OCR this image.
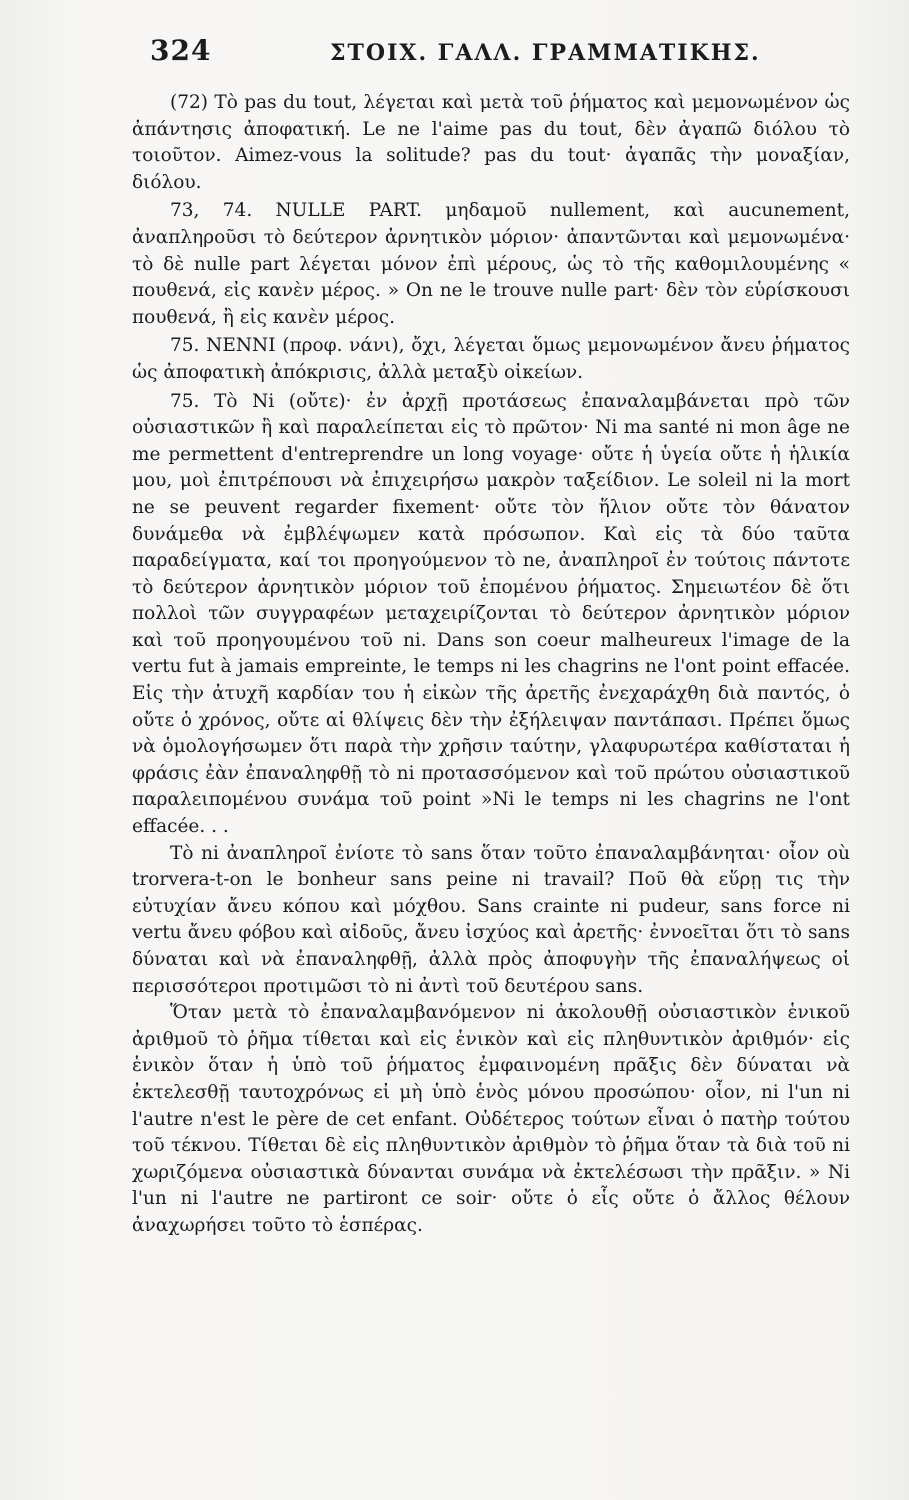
324	ΣΤΟΙΧ. ΓΑΛΛ. ΓΡΑΜΜΑΤΙΚΗΣ.

(72) Τὸ pas du tout, λέγεται καὶ μετὰ τοῦ ῥήματος καὶ μεμονωμένον ὡς ἀπάντησις ἀποφατική. Le ne l'aime pas du tout, δὲν ἀγαπῶ διόλου τὸ τοιοῦτον. Aimez-vous la solitude? pas du tout· ἀγαπᾶς τὴν μοναξίαν, διόλου.

73, 74. NULLE PART. μηδαμοῦ nullement, καὶ aucunement, ἀναπληροῦσι τὸ δεύτερον ἀρνητικὸν μόριον· ἀπαντῶνται καὶ μεμονωμένα· τὸ δὲ nulle part λέγεται μόνον ἐπὶ μέρους, ὡς τὸ τῆς καθομιλουμένης « πουθενά, εἰς κανὲν μέρος. » On ne le trouve nulle part· δὲν τὸν εὑρίσκουσι πουθενά, ἢ εἰς κανὲν μέρος.

75. NENNI (προφ. νάνι), ὄχι, λέγεται ὅμως μεμονωμένον ἄνευ ῥήματος ὡς ἀποφατικὴ ἀπόκρισις, ἀλλὰ μεταξὺ οἰκείων.

75. Τὸ Ni (οὔτε)· ἐν ἀρχῇ προτάσεως ἐπαναλαμβάνεται πρὸ τῶν οὐσιαστικῶν ἢ καὶ παραλείπεται εἰς τὸ πρῶτον· Ni ma santé ni mon âge ne me permettent d'entreprendre un long voyage· οὔτε ἡ ὑγεία οὔτε ἡ ἡλικία μου, μοὶ ἐπιτρέπουσι νὰ ἐπιχειρήσω μακρὸν ταξείδιον. Le soleil ni la mort ne se peuvent regarder fixement· οὔτε τὸν ἥλιον οὔτε τὸν θάνατον δυνάμεθα νὰ ἐμβλέψωμεν κατὰ πρόσωπον. Καὶ εἰς τὰ δύο ταῦτα παραδείγματα, καί τοι προηγούμενον τὸ ne, ἀναπληροῖ ἐν τούτοις πάντοτε τὸ δεύτερον ἀρνητικὸν μόριον τοῦ ἑπομένου ῥήματος. Σημειωτέον δὲ ὅτι πολλοὶ τῶν συγγραφέων μεταχειρίζονται τὸ δεύτερον ἀρνητικὸν μόριον καὶ τοῦ προηγουμένου τοῦ ni. Dans son coeur malheureux l'image de la vertu fut à jamais empreinte, le temps ni les chagrins ne l'ont point effacée. Εἰς τὴν ἀτυχῆ καρδίαν του ἡ εἰκὼν τῆς ἀρετῆς ἐνεχαράχθη διὰ παντός, ὁ οὔτε ὁ χρόνος, οὔτε αἱ θλίψεις δὲν τὴν ἐξήλειψαν παντάπασι. Πρέπει ὅμως νὰ ὁμολογήσωμεν ὅτι παρὰ τὴν χρῆσιν ταύτην, γλαφυρωτέρα καθίσταται ἡ φράσις ἐὰν ἐπαναληφθῇ τὸ ni προτασσόμενον καὶ τοῦ πρώτου οὐσιαστικοῦ παραλειπομένου συνάμα τοῦ point »Ni le temps ni les chagrins ne l'ont effacée. . .

Τὸ ni ἀναπληροῖ ἐνίοτε τὸ sans ὅταν τοῦτο ἐπαναλαμβάνηται· οἷον où trorvera-t-on le bonheur sans peine ni travail? Ποῦ θὰ εὕρῃ τις τὴν εὐτυχίαν ἄνευ κόπου καὶ μόχθου. Sans crainte ni pudeur, sans force ni vertu ἄνευ φόβου καὶ αἰδοῦς, ἄνευ ἰσχύος καὶ ἀρετῆς· ἐννοεῖται ὅτι τὸ sans δύναται καὶ νὰ ἐπαναληφθῇ, ἀλλὰ πρὸς ἀποφυγὴν τῆς ἐπαναλήψεως οἱ περισσότεροι προτιμῶσι τὸ ni ἀντὶ τοῦ δευτέρου sans.

Ὅταν μετὰ τὸ ἐπαναλαμβανόμενον ni ἀκολουθῇ οὐσιαστικὸν ἑνικοῦ ἀριθμοῦ τὸ ῥῆμα τίθεται καὶ εἰς ἑνικὸν καὶ εἰς πληθυντικὸν ἀριθμόν· εἰς ἑνικὸν ὅταν ἡ ὑπὸ τοῦ ῥήματος ἐμφαινομένη πρᾶξις δὲν δύναται νὰ ἐκτελεσθῇ ταυτοχρόνως εἰ μὴ ὑπὸ ἑνὸς μόνου προσώπου· οἷον, ni l'un ni l'autre n'est le père de cet enfant. Οὐδέτερος τούτων εἶναι ὁ πατὴρ τούτου τοῦ τέκνου. Τίθεται δὲ εἰς πληθυντικὸν ἀριθμὸν τὸ ῥῆμα ὅταν τὰ διὰ τοῦ ni χωριζόμενα οὐσιαστικὰ δύνανται συνάμα νὰ ἐκτελέσωσι τὴν πρᾶξιν. » Ni l'un ni l'autre ne partiront ce soir· οὔτε ὁ εἷς οὔτε ὁ ἄλλος θέλουν ἀναχωρήσει τοῦτο τὸ ἑσπέρας.
